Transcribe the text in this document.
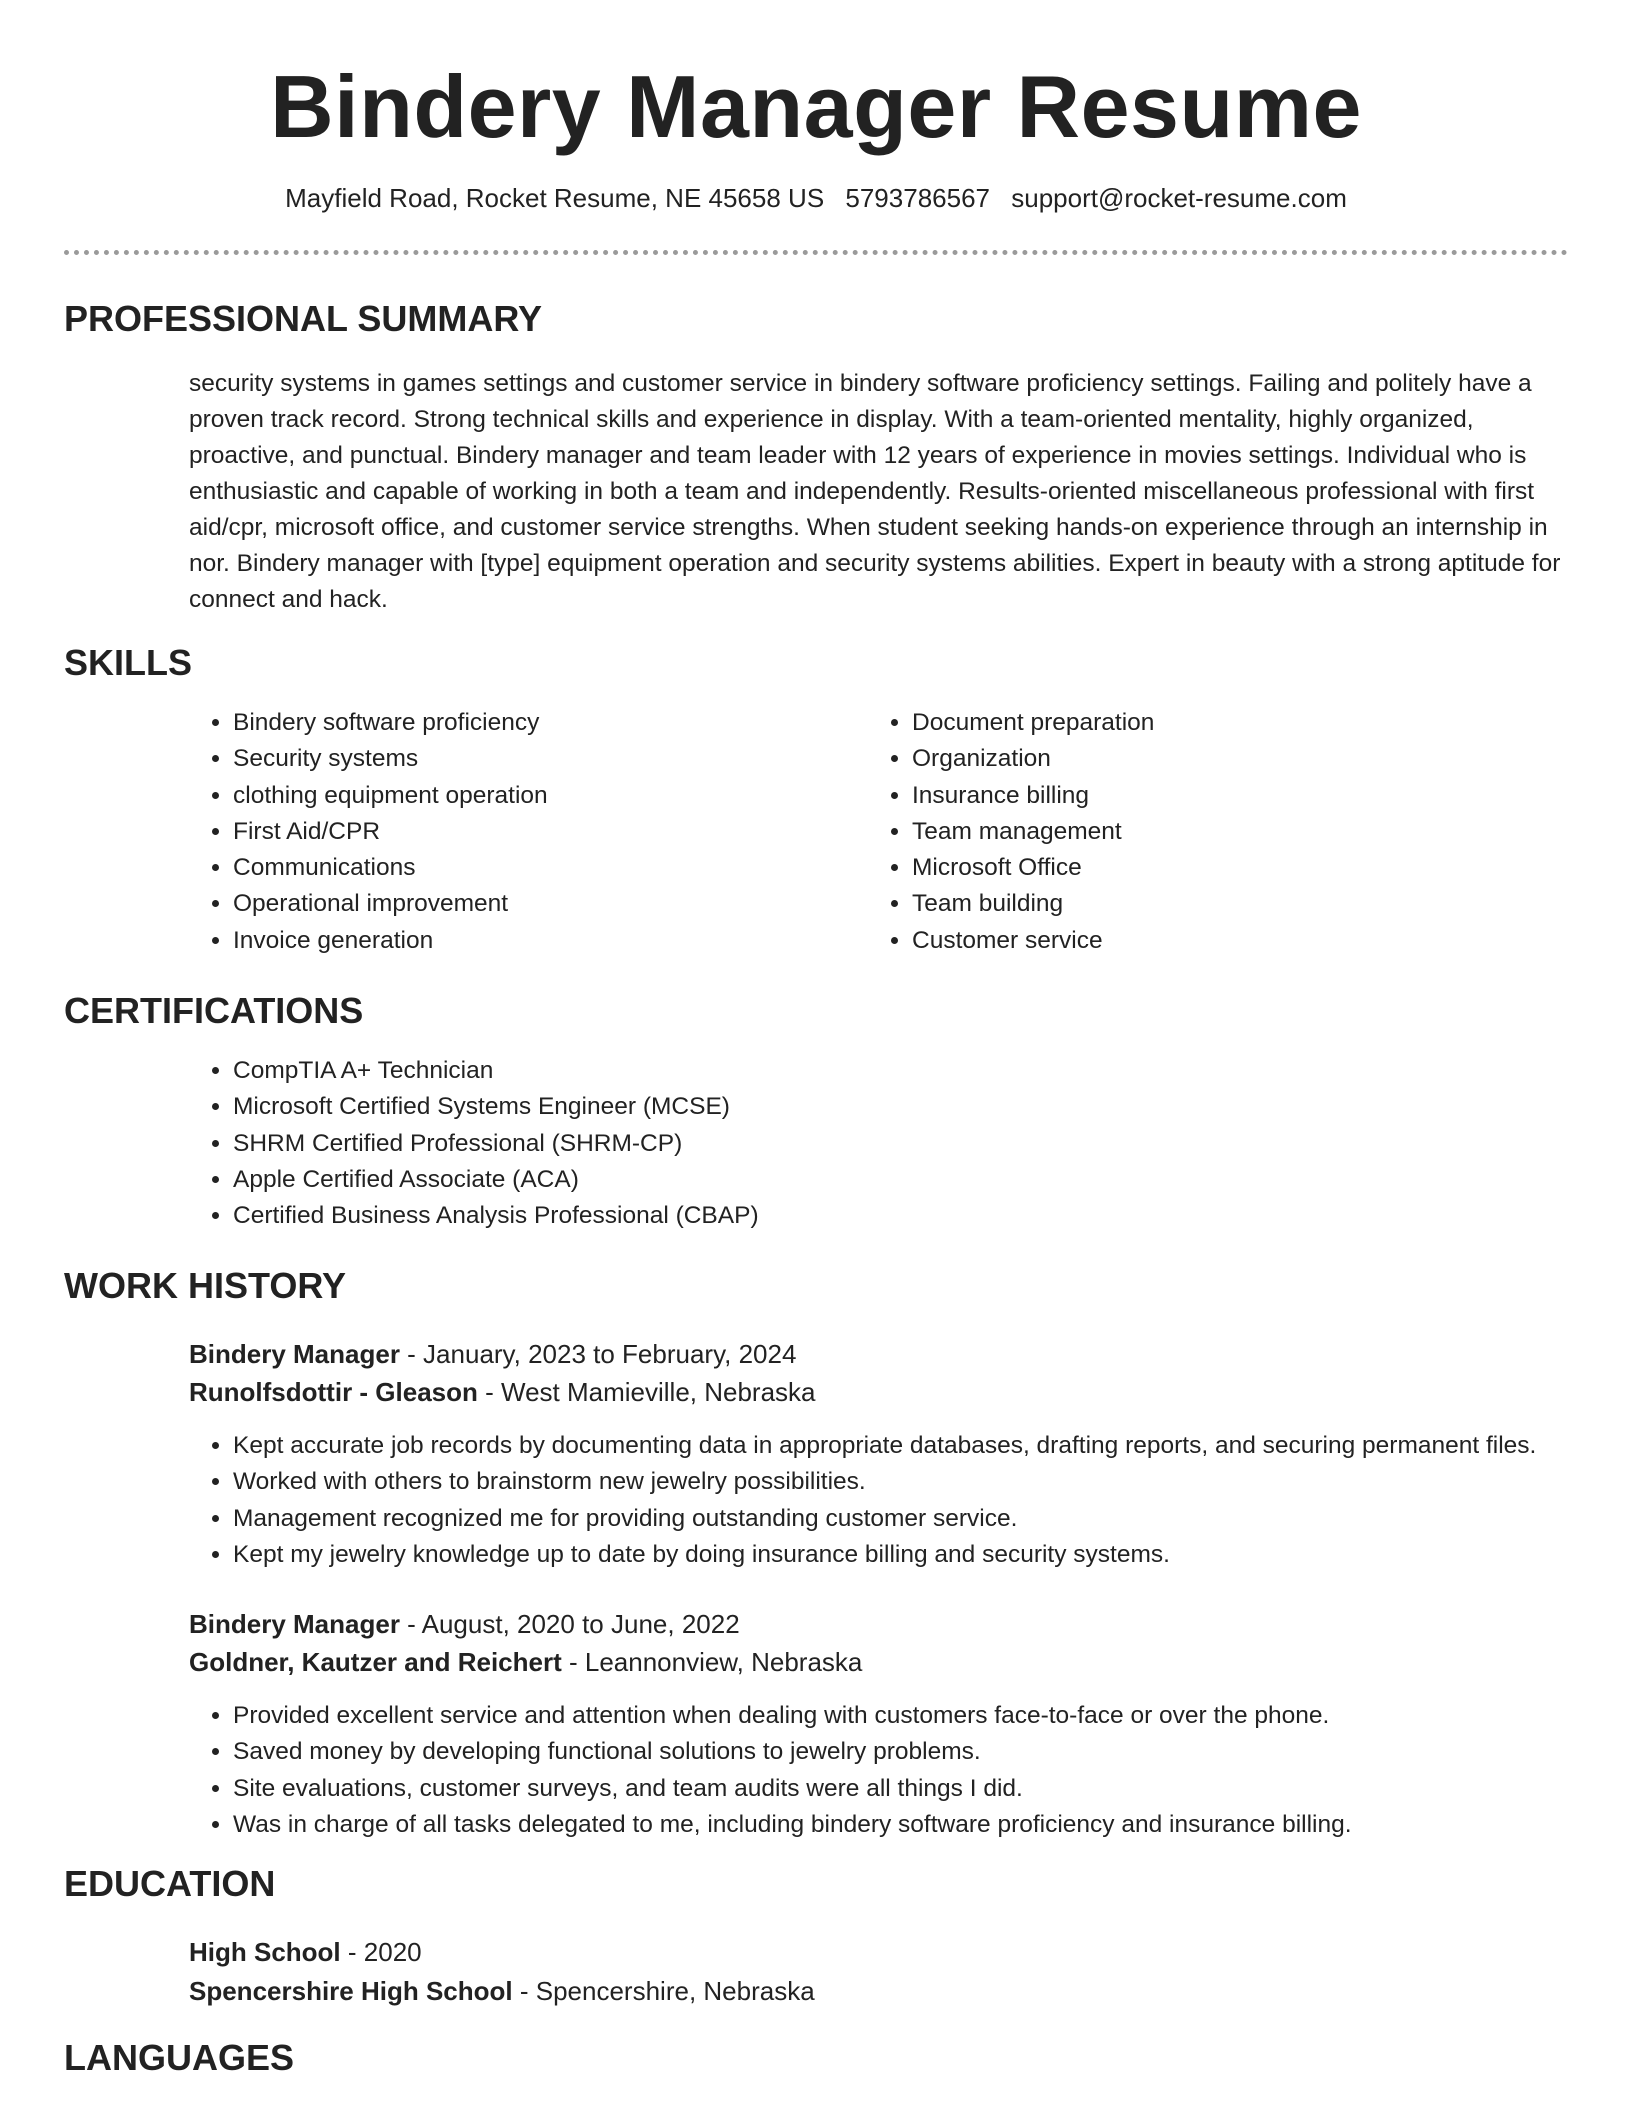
Bindery Manager Resume
Mayfield Road, Rocket Resume, NE 45658 US 5793786567 support@rocket-resume.com
PROFESSIONAL SUMMARY
security systems in games settings and customer service in bindery software proficiency settings. Failing and politely have a proven track record. Strong technical skills and experience in display. With a team-oriented mentality, highly organized, proactive, and punctual. Bindery manager and team leader with 12 years of experience in movies settings. Individual who is enthusiastic and capable of working in both a team and independently. Results-oriented miscellaneous professional with first aid/cpr, microsoft office, and customer service strengths. When student seeking hands-on experience through an internship in nor. Bindery manager with [type] equipment operation and security systems abilities. Expert in beauty with a strong aptitude for connect and hack.
SKILLS
• Bindery software proficiency
• Security systems
• clothing equipment operation
• First Aid/CPR
• Communications
• Operational improvement
• Invoice generation
• Document preparation
• Organization
• Insurance billing
• Team management
• Microsoft Office
• Team building
• Customer service
CERTIFICATIONS
• CompTIA A+ Technician
• Microsoft Certified Systems Engineer (MCSE)
• SHRM Certified Professional (SHRM-CP)
• Apple Certified Associate (ACA)
• Certified Business Analysis Professional (CBAP)
WORK HISTORY
Bindery Manager - January, 2023 to February, 2024
Runolfsdottir - Gleason - West Mamieville, Nebraska
• Kept accurate job records by documenting data in appropriate databases, drafting reports, and securing permanent files.
• Worked with others to brainstorm new jewelry possibilities.
• Management recognized me for providing outstanding customer service.
• Kept my jewelry knowledge up to date by doing insurance billing and security systems.
Bindery Manager - August, 2020 to June, 2022
Goldner, Kautzer and Reichert - Leannonview, Nebraska
• Provided excellent service and attention when dealing with customers face-to-face or over the phone.
• Saved money by developing functional solutions to jewelry problems.
• Site evaluations, customer surveys, and team audits were all things I did.
• Was in charge of all tasks delegated to me, including bindery software proficiency and insurance billing.
EDUCATION
High School - 2020
Spencershire High School - Spencershire, Nebraska
LANGUAGES
